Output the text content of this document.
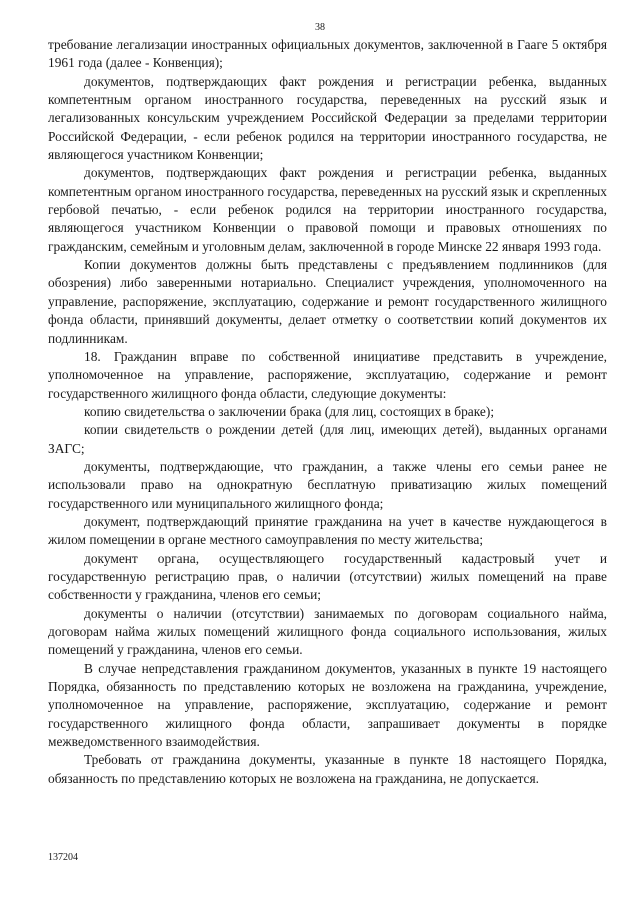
38

требование легализации иностранных официальных документов, заключенной в Гааге 5 октября 1961 года (далее - Конвенция);

документов, подтверждающих факт рождения и регистрации ребенка, выданных компетентным органом иностранного государства, переведенных на русский язык и легализованных консульским учреждением Российской Федерации за пределами территории Российской Федерации, - если ребенок родился на территории иностранного государства, не являющегося участником Конвенции;

документов, подтверждающих факт рождения и регистрации ребенка, выданных компетентным органом иностранного государства, переведенных на русский язык и скрепленных гербовой печатью, - если ребенок родился на территории иностранного государства, являющегося участником Конвенции о правовой помощи и правовых отношениях по гражданским, семейным и уголовным делам, заключенной в городе Минске 22 января 1993 года.

Копии документов должны быть представлены с предъявлением подлинников (для обозрения) либо заверенными нотариально. Специалист учреждения, уполномоченного на управление, распоряжение, эксплуатацию, содержание и ремонт государственного жилищного фонда области, принявший документы, делает отметку о соответствии копий документов их подлинникам.

18. Гражданин вправе по собственной инициативе представить в учреждение, уполномоченное на управление, распоряжение, эксплуатацию, содержание и ремонт государственного жилищного фонда области, следующие документы:

копию свидетельства о заключении брака (для лиц, состоящих в браке);

копии свидетельств о рождении детей (для лиц, имеющих детей), выданных органами ЗАГС;

документы, подтверждающие, что гражданин, а также члены его семьи ранее не использовали право на однократную бесплатную приватизацию жилых помещений государственного или муниципального жилищного фонда;

документ, подтверждающий принятие гражданина на учет в качестве нуждающегося в жилом помещении в органе местного самоуправления по месту жительства;

документ органа, осуществляющего государственный кадастровый учет и государственную регистрацию прав, о наличии (отсутствии) жилых помещений на праве собственности у гражданина, членов его семьи;

документы о наличии (отсутствии) занимаемых по договорам социального найма, договорам найма жилых помещений жилищного фонда социального использования, жилых помещений у гражданина, членов его семьи.

В случае непредставления гражданином документов, указанных в пункте 19 настоящего Порядка, обязанность по представлению которых не возложена на гражданина, учреждение, уполномоченное на управление, распоряжение, эксплуатацию, содержание и ремонт государственного жилищного фонда области, запрашивает документы в порядке межведомственного взаимодействия.

Требовать от гражданина документы, указанные в пункте 18 настоящего Порядка, обязанность по представлению которых не возложена на гражданина, не допускается.

137204
